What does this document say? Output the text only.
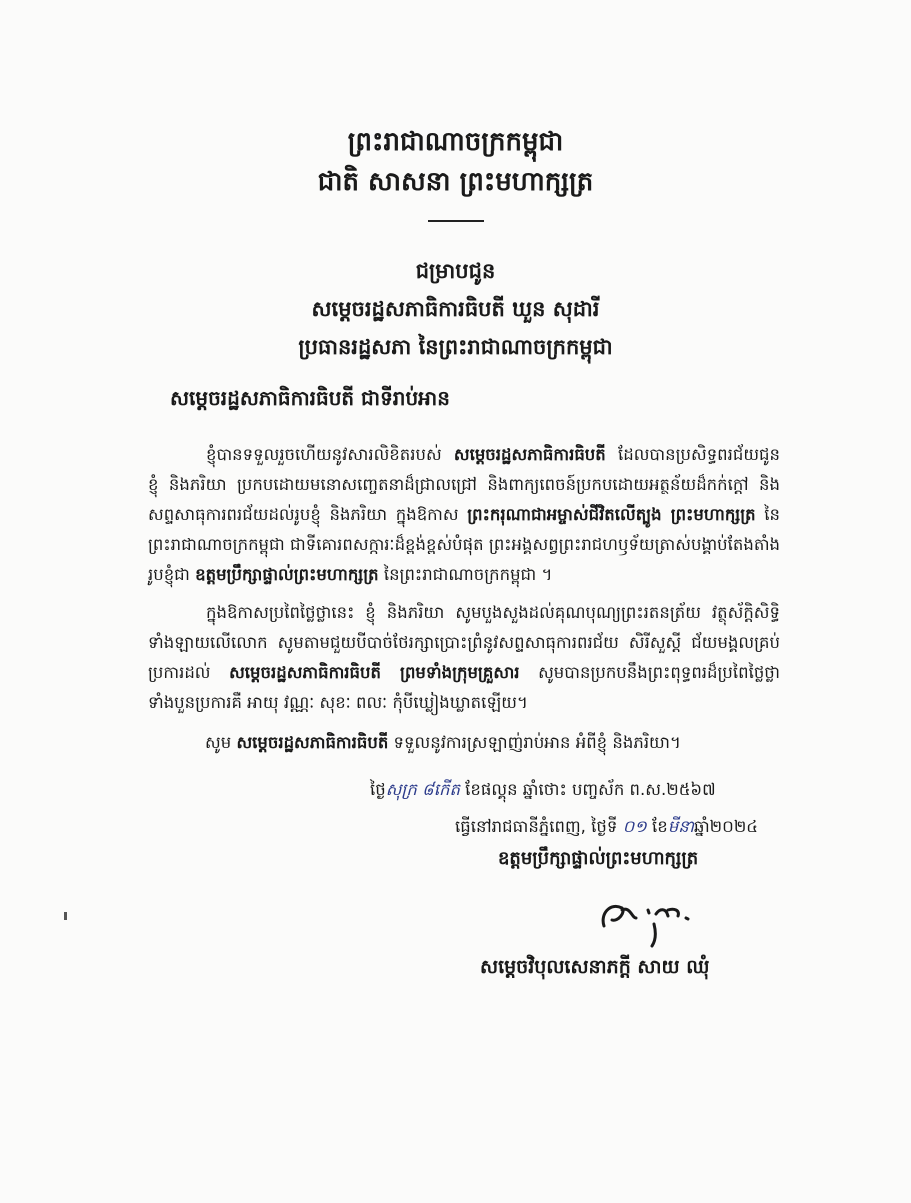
ព្រះរាជាណាចក្រកម្ពុជា
ជាតិ សាសនា ព្រះមហាក្សត្រ
ជម្រាបជូន
សម្តេចរដ្ឋសភាធិការធិបតី ឃួន សុដារី
ប្រធានរដ្ឋសភា នៃព្រះរាជាណាចក្រកម្ពុជា
សម្តេចរដ្ឋសភាធិការធិបតី ជាទីរាប់អាន

ខ្ញុំបានទទួលរួចហើយនូវសារលិខិតរបស់ សម្តេចរដ្ឋសភាធិការធិបតី ដែលបានប្រសិទ្ធពរជ័យជូន ខ្ញុំ និងភរិយា ប្រកបដោយមនោសញ្ចេតនាដ៏ជ្រាលជ្រៅ និងពាក្យពេចន៍ប្រកបដោយអត្ថន័យដ៏កក់ក្តៅ និងសព្ទសាធុការពរជ័យដល់រូបខ្ញុំ និងភរិយា ក្នុងឱកាស ព្រះករុណាជាអម្ចាស់ជីវិតលើត្បូង ព្រះមហាក្សត្រ នៃព្រះរាជាណាចក្រកម្ពុជា ជាទីគោរពសក្ការៈដ៏ខ្ពង់ខ្ពស់បំផុត ព្រះអង្គសព្វព្រះរាជហឫទ័យត្រាស់បង្គាប់តែងតាំងរូបខ្ញុំជា ឧត្តមប្រឹក្សាផ្ទាល់ព្រះមហាក្សត្រ នៃព្រះរាជាណាចក្រកម្ពុជា ។

ក្នុងឱកាសប្រពៃថ្លៃថ្លានេះ ខ្ញុំ និងភរិយា សូមបួងសួងដល់គុណបុណ្យព្រះរតនត្រ័យ វត្ថុស័ក្តិសិទ្ធិទាំងឡាយលើលោក សូមតាមជួយបីបាច់ថែរក្សាប្រោះព្រំនូវសព្ទសាធុការពរជ័យ សិរីសួស្តី ជ័យមង្គលគ្រប់ប្រការដល់ សម្តេចរដ្ឋសភាធិការធិបតី ព្រមទាំងក្រុមគ្រួសារ សូមបានប្រកបនឹងព្រះពុទ្ធពរដ៏ប្រពៃថ្លៃថ្លាទាំងបួនប្រការគឺ អាយុ វណ្ណៈ សុខៈ ពលៈ កុំបីឃ្លៀងឃ្លាតឡើយ។

សូម សម្តេចរដ្ឋសភាធិការធិបតី ទទួលនូវការស្រឡាញ់រាប់អាន អំពីខ្ញុំ និងភរិយា។
ថ្ងៃសុក្រ ៨កើត ខែផល្គុន ឆ្នាំថោះ បញ្ចស័ក ព.ស.២៥៦៧
ធ្វើនៅរាជធានីភ្នំពេញ, ថ្ងៃទី ០១ ខែមីនាឆ្នាំ២០២៤
ឧត្តមប្រឹក្សាផ្ទាល់ព្រះមហាក្សត្រ
សម្តេចវិបុលសេនាភក្តី សាយ ឈុំ
